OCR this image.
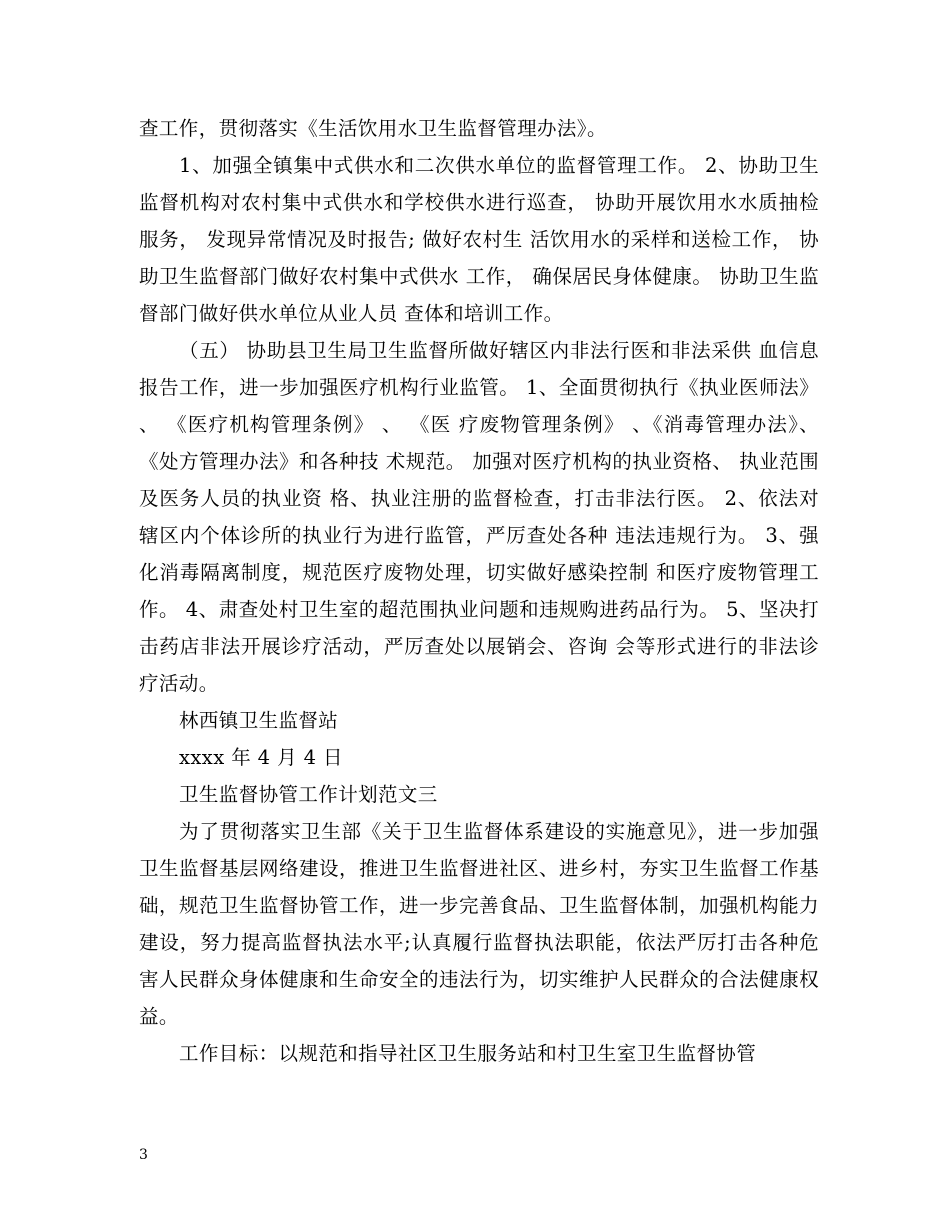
查工作，贯彻落实《生活饮用水卫生监督管理办法》。

1、加强全镇集中式供水和二次供水单位的监督管理工作。 2、协助卫生监督机构对农村集中式供水和学校供水进行巡查， 协助开展饮用水水质抽检服务， 发现异常情况及时报告; 做好农村生 活饮用水的采样和送检工作， 协助卫生监督部门做好农村集中式供水 工作， 确保居民身体健康。 协助卫生监督部门做好供水单位从业人员 查体和培训工作。

（五） 协助县卫生局卫生监督所做好辖区内非法行医和非法采供 血信息报告工作，进一步加强医疗机构行业监管。 1、全面贯彻执行《执业医师法》 、 《医疗机构管理条例》 、 《医 疗废物管理条例》 、《消毒管理办法》、《处方管理办法》和各种技 术规范。 加强对医疗机构的执业资格、 执业范围及医务人员的执业资 格、执业注册的监督检查，打击非法行医。 2、依法对辖区内个体诊所的执业行为进行监管，严厉查处各种 违法违规行为。 3、强化消毒隔离制度，规范医疗废物处理，切实做好感染控制 和医疗废物管理工作。 4、肃查处村卫生室的超范围执业问题和违规购进药品行为。 5、坚决打击药店非法开展诊疗活动，严厉查处以展销会、咨询 会等形式进行的非法诊疗活动。

林西镇卫生监督站

xxxx 年 4 月 4 日

卫生监督协管工作计划范文三

为了贯彻落实卫生部《关于卫生监督体系建设的实施意见》，进一步加强卫生监督基层网络建设，推进卫生监督进社区、进乡村，夯实卫生监督工作基础，规范卫生监督协管工作，进一步完善食品、卫生监督体制，加强机构能力建设，努力提高监督执法水平;认真履行监督执法职能，依法严厉打击各种危害人民群众身体健康和生命安全的违法行为，切实维护人民群众的合法健康权益。

工作目标：以规范和指导社区卫生服务站和村卫生室卫生监督协管

3
